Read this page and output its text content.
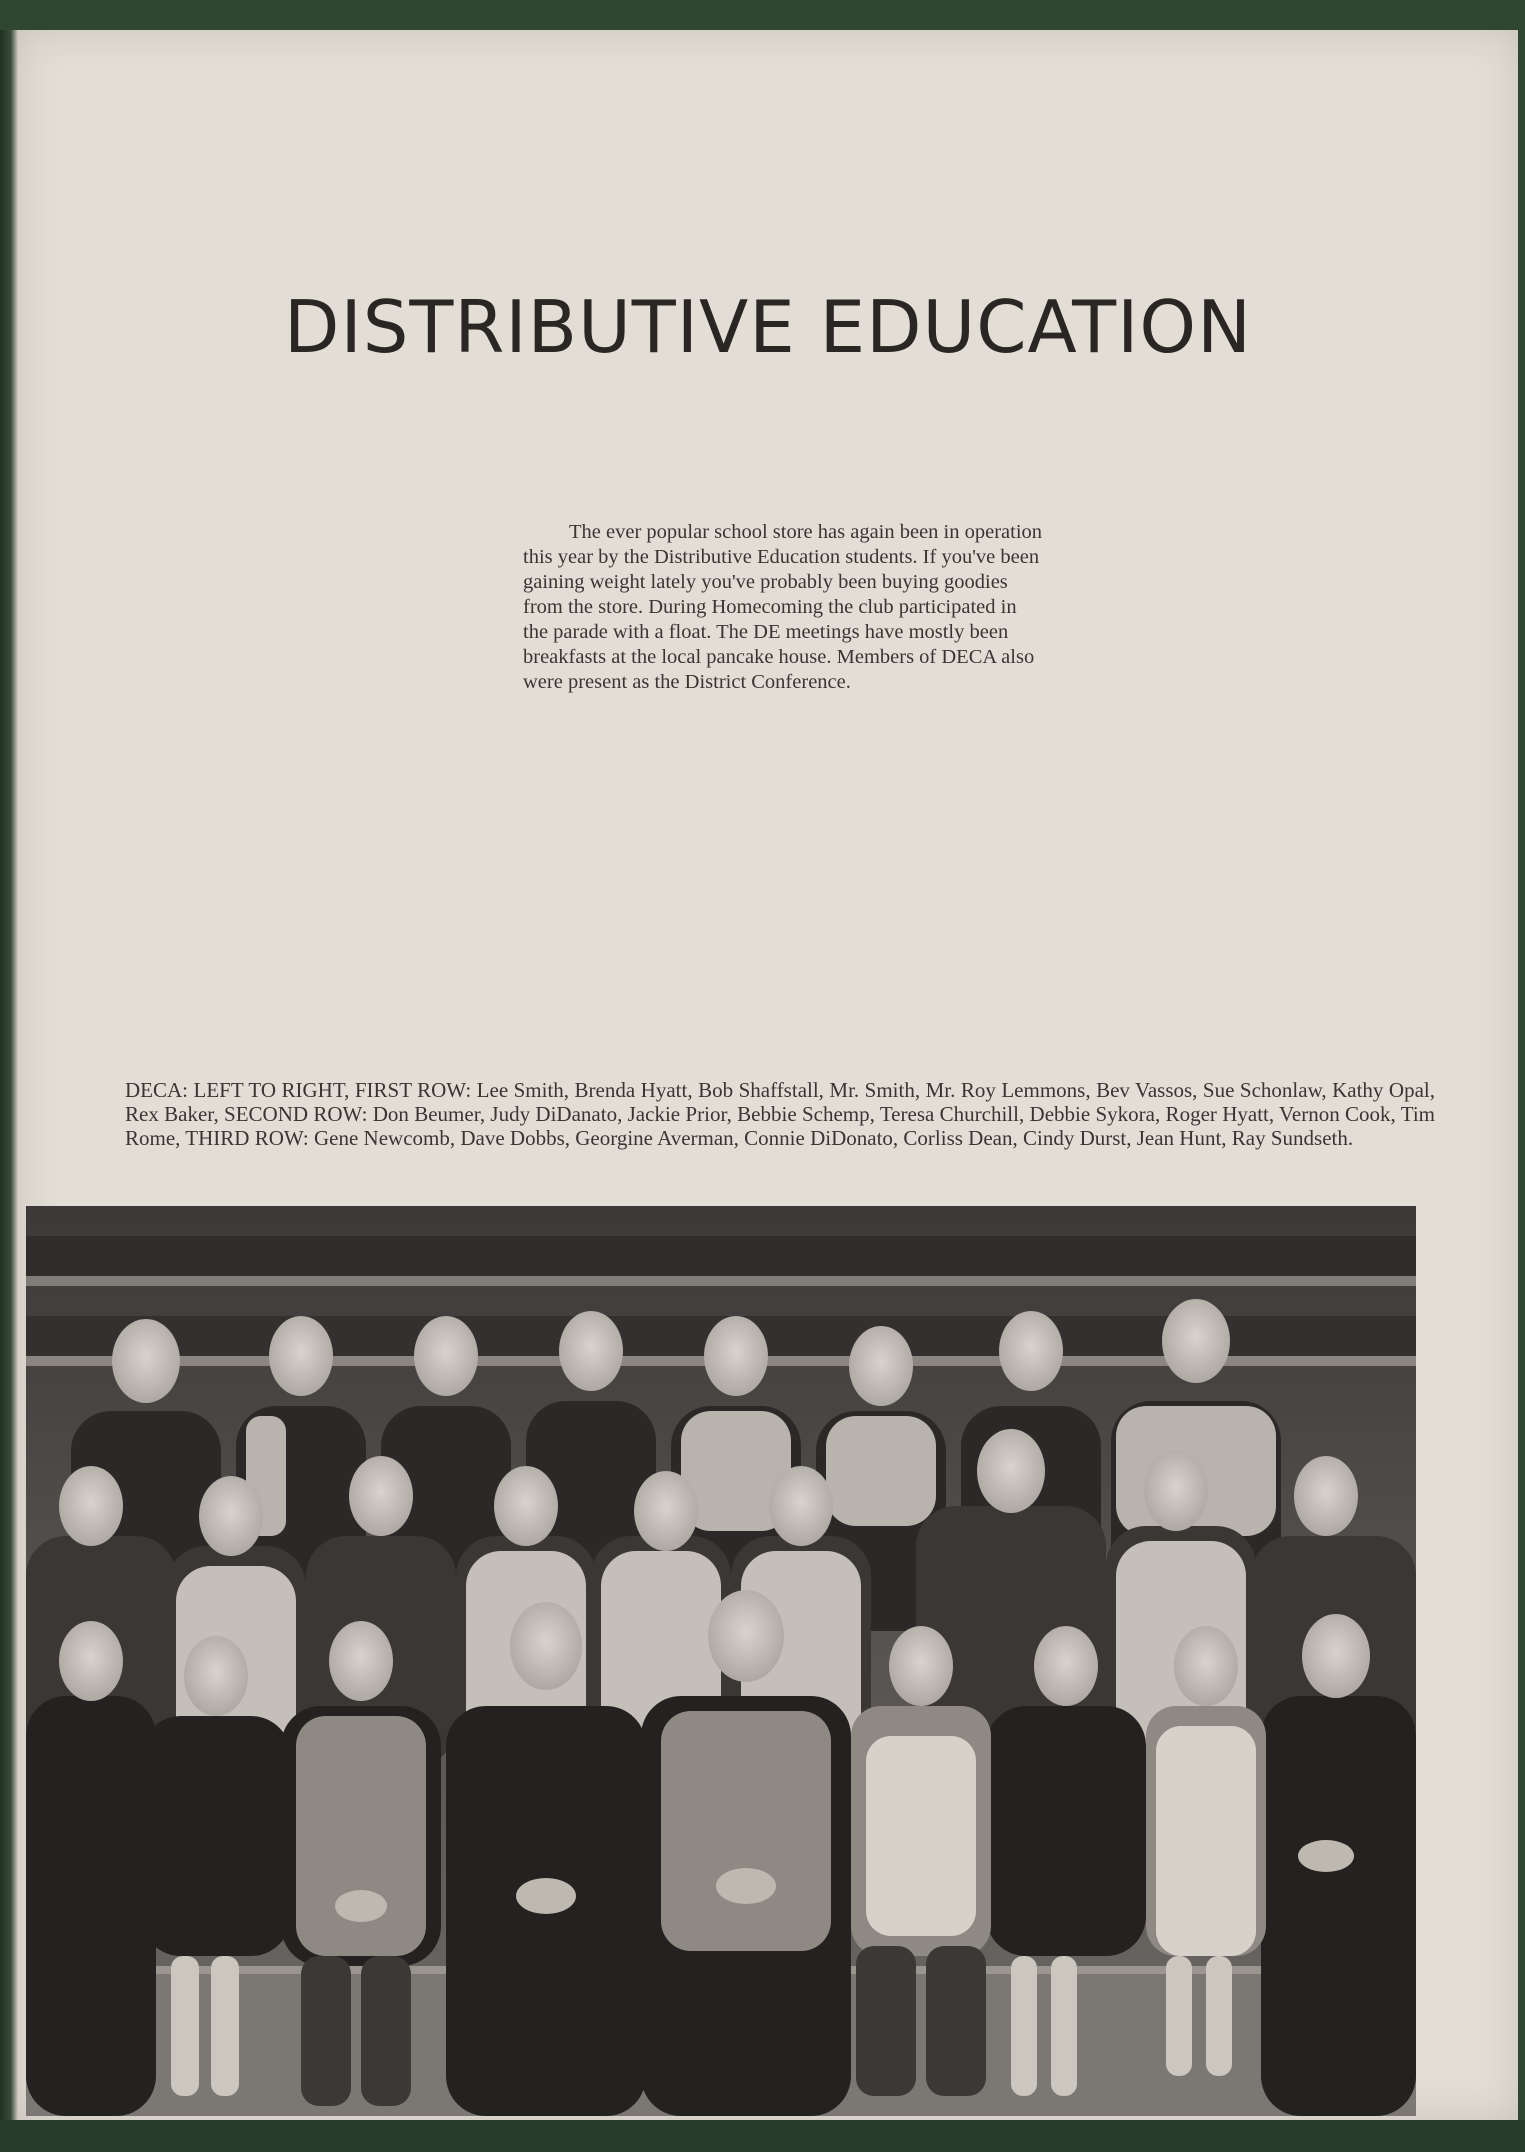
DISTRIBUTIVE EDUCATION

The ever popular school store has again been in operation this year by the Distributive Education students. If you've been gaining weight lately you've probably been buying goodies from the store. During Homecoming the club participated in the parade with a float. The DE meetings have mostly been breakfasts at the local pancake house. Members of DECA also were present as the District Conference.

DECA: LEFT TO RIGHT, FIRST ROW: Lee Smith, Brenda Hyatt, Bob Shaffstall, Mr. Smith, Mr. Roy Lemmons, Bev Vassos, Sue Schonlaw, Kathy Opal, Rex Baker, SECOND ROW: Don Beumer, Judy DiDanato, Jackie Prior, Bebbie Schemp, Teresa Churchill, Debbie Sykora, Roger Hyatt, Vernon Cook, Tim Rome, THIRD ROW: Gene Newcomb, Dave Dobbs, Georgine Averman, Connie DiDonato, Corliss Dean, Cindy Durst, Jean Hunt, Ray Sundseth.
